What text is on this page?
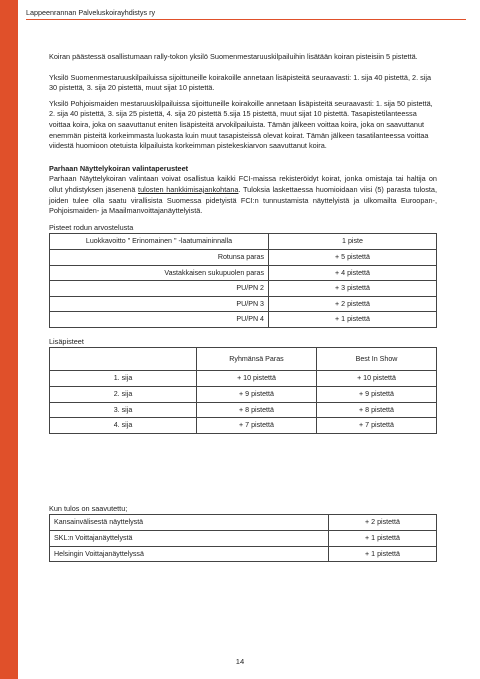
Lappeenrannan Palveluskoirayhdistys ry

Koiran päästessä osallistumaan rally-tokon yksilö Suomenmestaruuskilpailuihin lisätään koiran pisteisiin 5 pistettä.

Yksilö Suomenmestaruuskilpailuissa sijoittuneille koirakoille annetaan lisäpisteitä seuraavasti: 1. sija 40 pistettä, 2. sija 30 pistettä, 3. sija 20 pistettä, muut sijat 10 pistettä.

Yksilö Pohjoismaiden mestaruuskilpailuissa sijoittuneille koirakoille annetaan lisäpisteitä seuraavasti: 1. sija 50 pistettä, 2. sija 40 pistettä, 3. sija 25 pistettä, 4. sija 20 pistettä 5.sija 15 pistettä, muut sijat 10 pistettä. Tasapistetilanteessa voittaa koira, joka on saavuttanut eniten lisäpisteitä arvokilpailuista. Tämän jälkeen voittaa koira, joka on saavuttanut enemmän pisteitä korkeimmasta luokasta kuin muut tasapisteissä olevat koirat. Tämän jälkeen tasatilanteessa voittaa viidestä huomioon otetuista kilpailuista korkeimman pistekeskiarvon saavuttanut koira.

Parhaan Näyttelykoiran valintaperusteet

Parhaan Näyttelykoiran valintaan voivat osallistua kaikki FCI-maissa rekisteröidyt koirat, jonka omistaja tai haltija on ollut yhdistyksen jäsenenä tulosten hankkimisajankohtana. Tuloksia laskettaessa huomioidaan viisi (5) parasta tulosta, joiden tulee olla saatu virallisista Suomessa pidetyistä FCI:n tunnustamista näyttelyistä ja ulkomailta Euroopan-, Pohjoismaiden- ja Maailmanvoittajanäyttelyistä.

Pisteet rodun arvostelusta
Luokkavoitto " Erinomainen " -laatumaininnalla	1 piste
Rotunsa paras	+ 5 pistettä
Vastakkaisen sukupuolen paras	+ 4 pistettä
PU/PN 2	+ 3 pistettä
PU/PN 3	+ 2 pistettä
PU/PN 4	+ 1 pistettä
Lisäpisteet
	Ryhmänsä Paras	Best In Show
1. sija	+ 10 pistettä	+ 10 pistettä
2. sija	+ 9 pistettä	+ 9 pistettä
3. sija	+ 8 pistettä	+ 8 pistettä
4. sija	+ 7 pistettä	+ 7 pistettä
Kun tulos on saavutettu;
Kansainvälisestä näyttelystä	+ 2 pistettä
SKL:n Voittajanäyttelystä	+ 1 pistettä
Helsingin Voittajanäyttelyssä	+ 1 pistettä
14
